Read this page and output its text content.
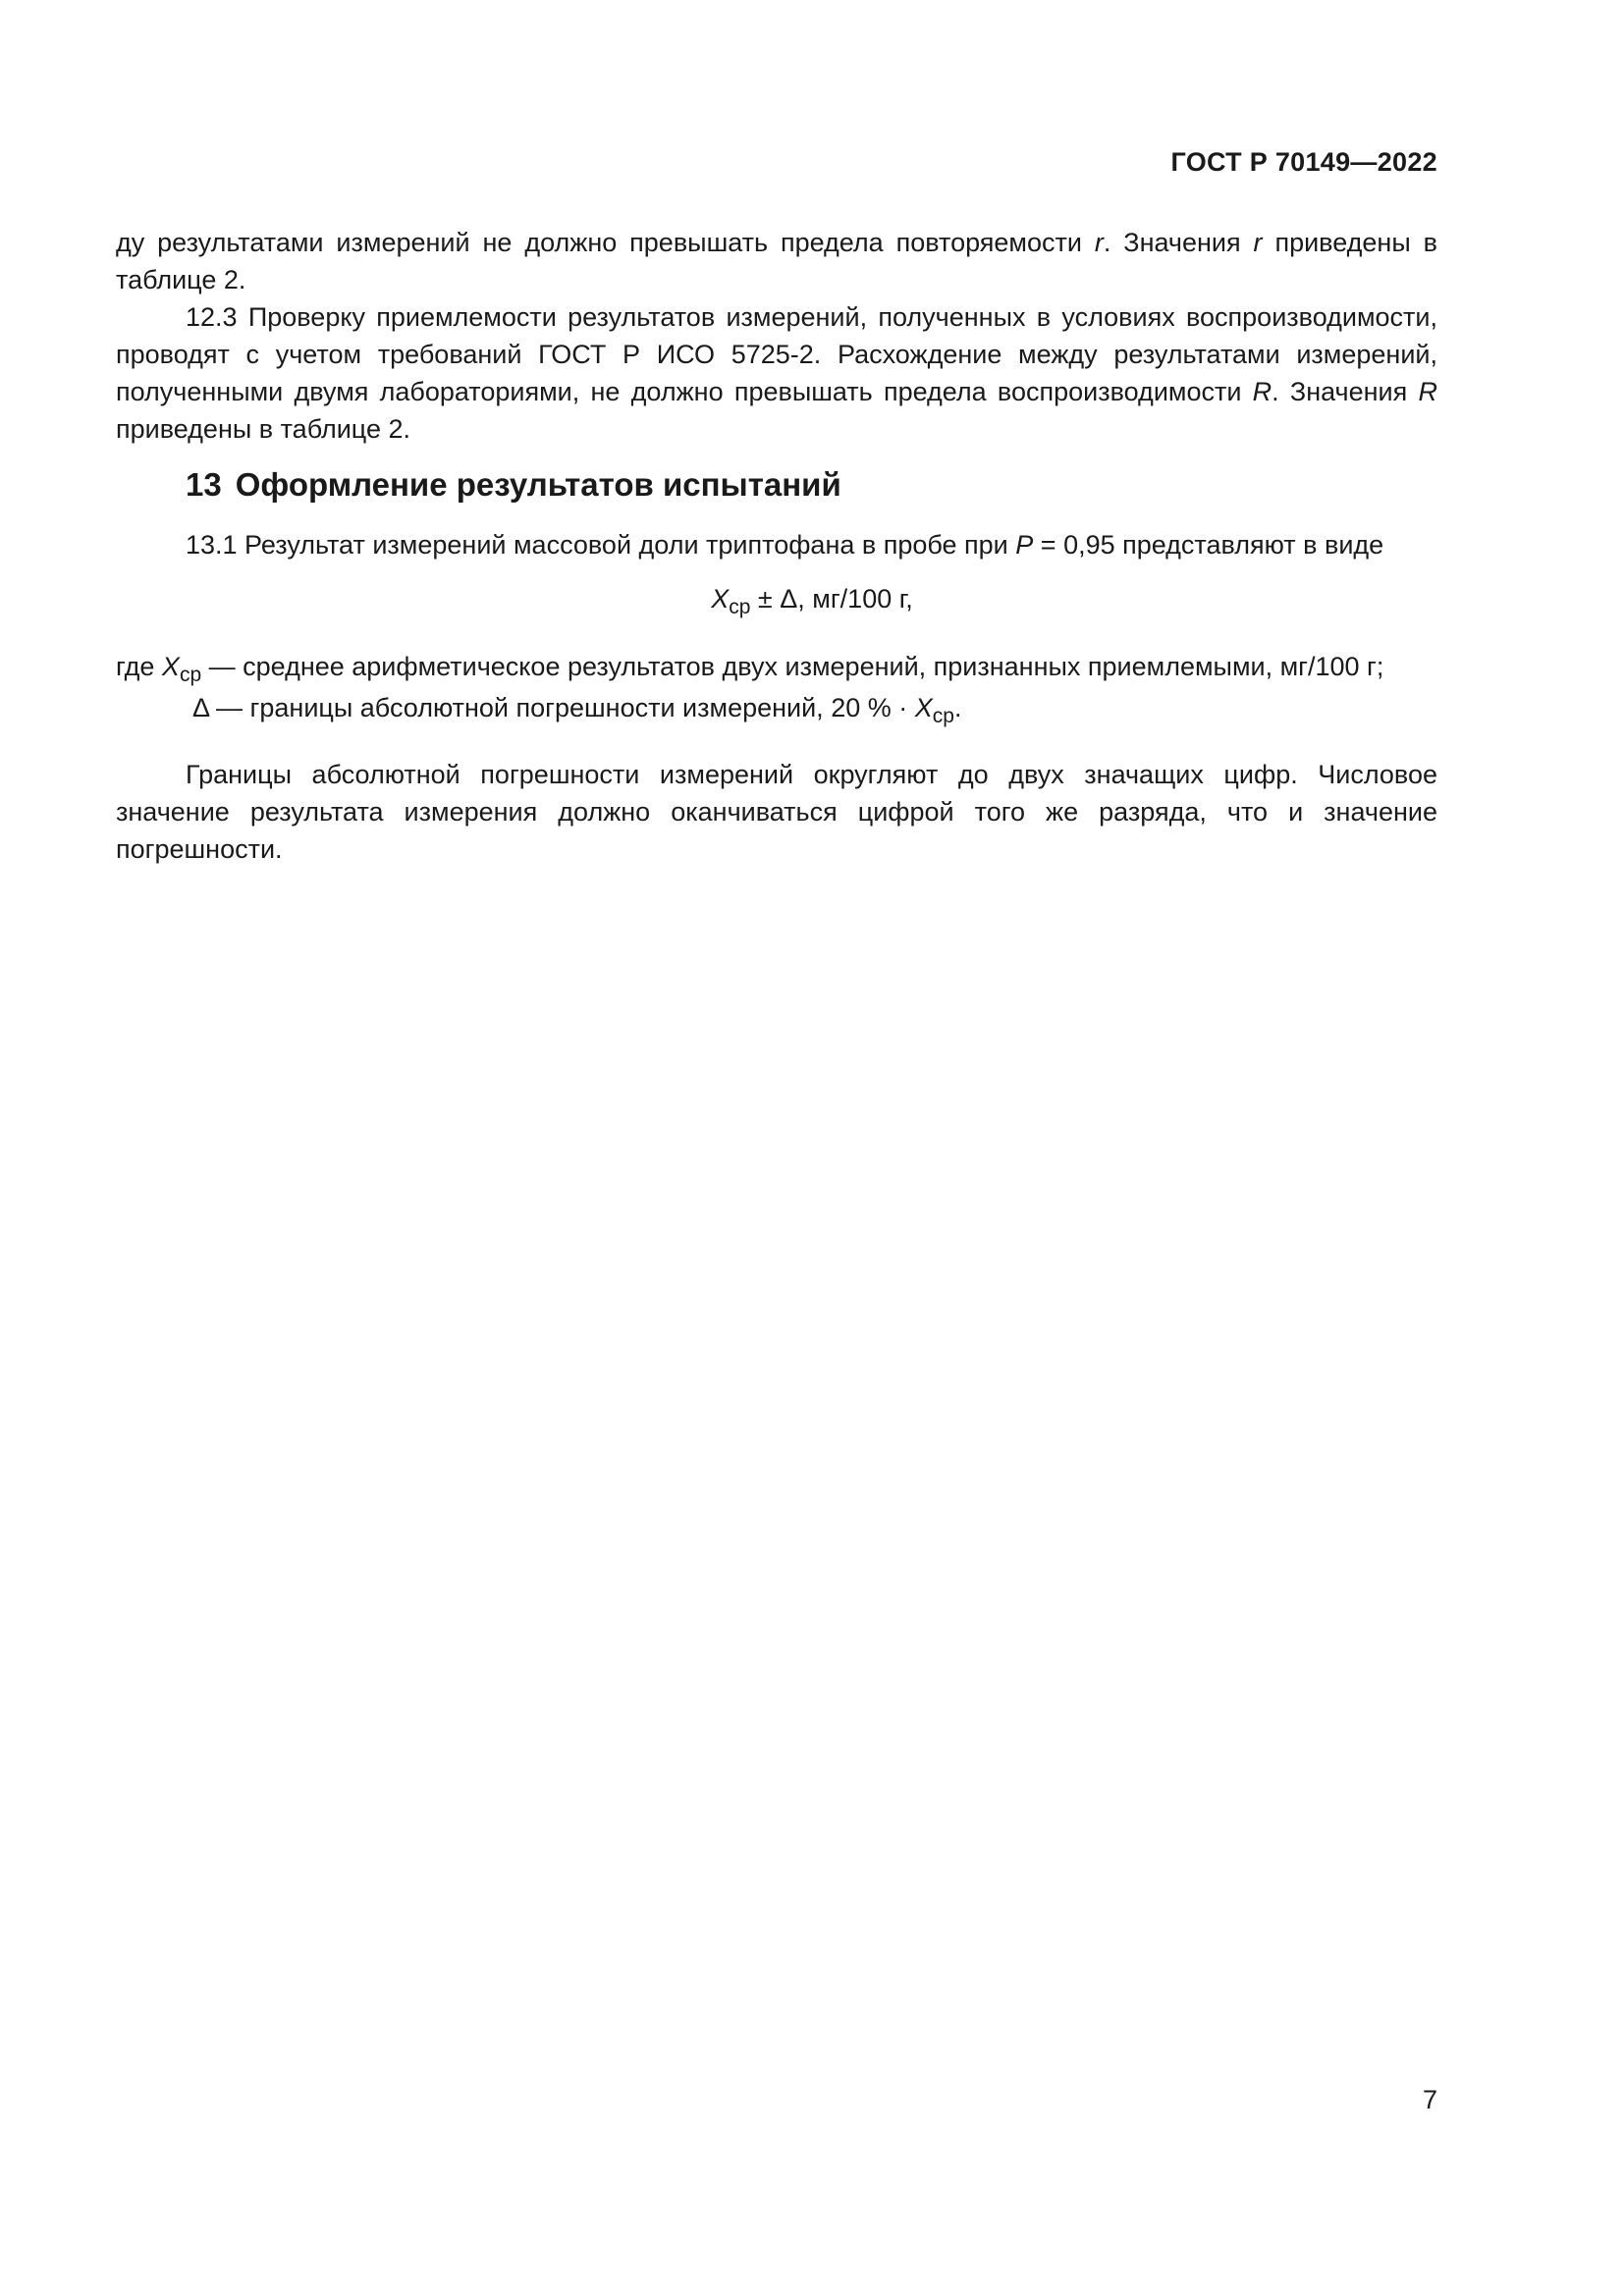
ГОСТ Р 70149—2022
ду результатами измерений не должно превышать предела повторяемости r. Значения r приведены в таблице 2.
12.3 Проверку приемлемости результатов измерений, полученных в условиях воспроизводимости, проводят с учетом требований ГОСТ Р ИСО 5725-2. Расхождение между результатами измерений, полученными двумя лабораториями, не должно превышать предела воспроизводимости R. Значения R приведены в таблице 2.
13 Оформление результатов испытаний
13.1 Результат измерений массовой доли триптофана в пробе при P = 0,95 представляют в виде
$X_{ср} \pm \Delta$, мг/100 г,
где $X_{ср}$ — среднее арифметическое результатов двух измерений, признанных приемлемыми, мг/100 г;
Δ — границы абсолютной погрешности измерений, 20 % · $X_{ср}$.
Границы абсолютной погрешности измерений округляют до двух значащих цифр. Числовое значение результата измерения должно оканчиваться цифрой того же разряда, что и значение погрешности.
7
